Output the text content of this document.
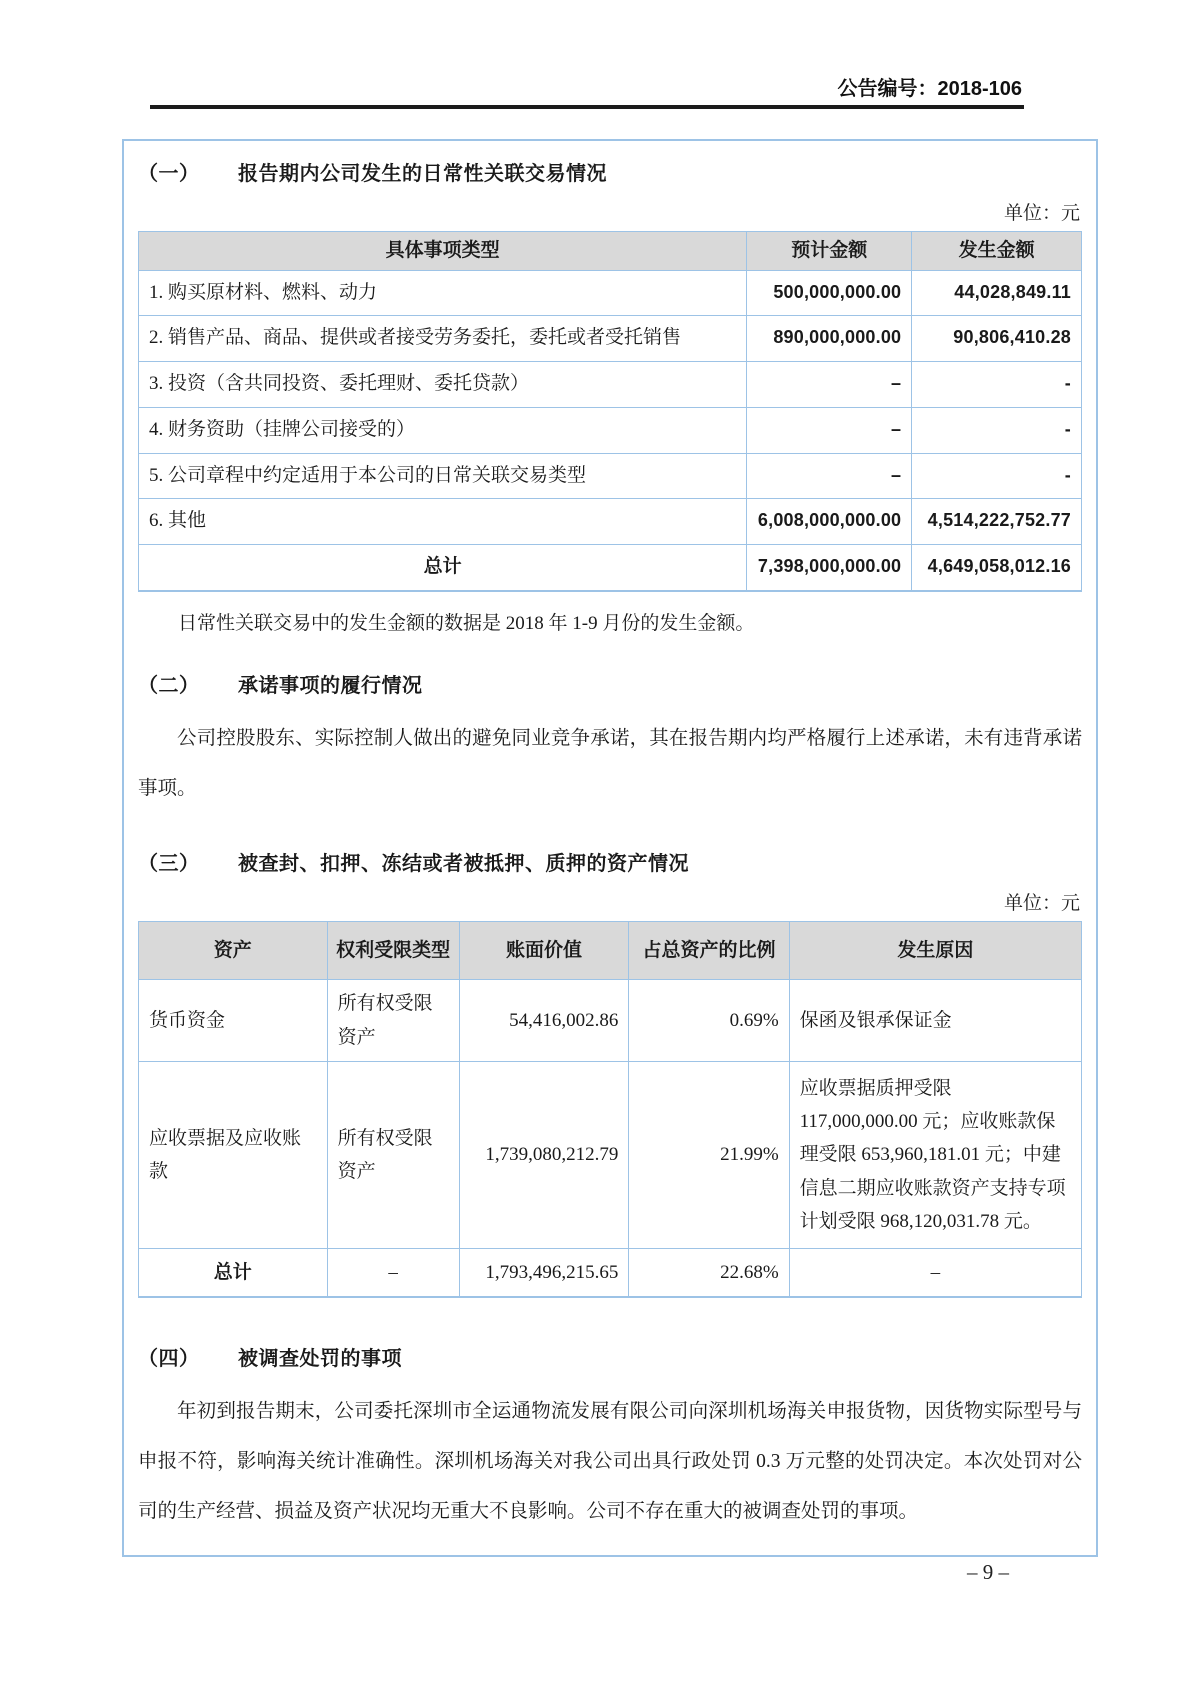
公告编号：2018-106
（一）	报告期内公司发生的日常性关联交易情况
单位：元
具体事项类型	预计金额	发生金额
1. 购买原材料、燃料、动力	500,000,000.00	44,028,849.11
2. 销售产品、商品、提供或者接受劳务委托，委托或者受托销售	890,000,000.00	90,806,410.28
3. 投资（含共同投资、委托理财、委托贷款）	–	-
4. 财务资助（挂牌公司接受的）	–	-
5. 公司章程中约定适用于本公司的日常关联交易类型	–	-
6. 其他	6,008,000,000.00	4,514,222,752.77
总计	7,398,000,000.00	4,649,058,012.16

日常性关联交易中的发生金额的数据是 2018 年 1-9 月份的发生金额。

（二）	承诺事项的履行情况

公司控股股东、实际控制人做出的避免同业竞争承诺，其在报告期内均严格履行上述承诺，未有违背承诺事项。

（三）	被查封、扣押、冻结或者被抵押、质押的资产情况
单位：元
资产	权利受限类型	账面价值	占总资产的比例	发生原因
货币资金	所有权受限资产	54,416,002.86	0.69%	保函及银承保证金
应收票据及应收账款	所有权受限资产	1,739,080,212.79	21.99%	应收票据质押受限 117,000,000.00 元；应收账款保理受限 653,960,181.01 元；中建信息二期应收账款资产支持专项计划受限 968,120,031.78 元。
总计	–	1,793,496,215.65	22.68%	–
（四）	被调查处罚的事项

年初到报告期末，公司委托深圳市全运通物流发展有限公司向深圳机场海关申报货物，因货物实际型号与申报不符，影响海关统计准确性。深圳机场海关对我公司出具行政处罚 0.3 万元整的处罚决定。本次处罚对公司的生产经营、损益及资产状况均无重大不良影响。公司不存在重大的被调查处罚的事项。

– 9 –
